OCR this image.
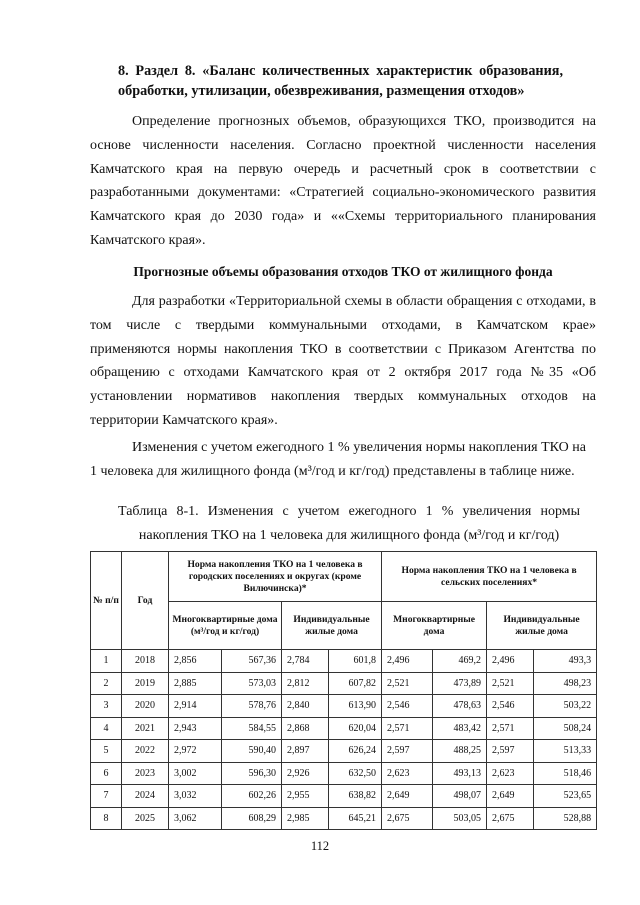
8. Раздел 8. «Баланс количественных характеристик образования, обработки, утилизации, обезвреживания, размещения отходов»

Определение прогнозных объемов, образующихся ТКО, производится на
основе численности населения. Согласно проектной численности населения
Камчатского края на первую очередь и расчетный срок в соответствии с
разработанными документами: «Стратегией социально-экономического развития
Камчатского края до 2030 года» и ««Схемы территориального планирования
Камчатского края».

Прогнозные объемы образования отходов ТКО от жилищного фонда

Для разработки «Территориальной схемы в области обращения с отходами, в
том числе с твердыми коммунальными отходами, в Камчатском крае»
применяются нормы накопления ТКО в соответствии с Приказом Агентства по
обращению с отходами Камчатского края от 2 октября 2017 года №35 «Об
установлении нормативов накопления твердых коммунальных отходов на
территории Камчатского края».

Изменения с учетом ежегодного 1 % увеличения нормы накопления ТКО на
1 человека для жилищного фонда (м³/год и кг/год) представлены в таблице ниже.

Таблица 8-1. Изменения с учетом ежегодного 1 % увеличения нормы
накопления ТКО на 1 человека для жилищного фонда (м³/год и кг/год)
№ п/п	Год	Норма накопления ТКО на 1 человека в городских поселениях и округах (кроме Вилючинска)*				Норма накопления ТКО на 1 человека в сельских поселениях*			
		Многоквартирные дома (м³/год и кг/год)		Индивидуальные жилые дома		Многоквартирные дома		Индивидуальные жилые дома	
1	2018	2,856	567,36	2,784	601,8	2,496	469,2	2,496	493,3
2	2019	2,885	573,03	2,812	607,82	2,521	473,89	2,521	498,23
3	2020	2,914	578,76	2,840	613,90	2,546	478,63	2,546	503,22
4	2021	2,943	584,55	2,868	620,04	2,571	483,42	2,571	508,24
5	2022	2,972	590,40	2,897	626,24	2,597	488,25	2,597	513,33
6	2023	3,002	596,30	2,926	632,50	2,623	493,13	2,623	518,46
7	2024	3,032	602,26	2,955	638,82	2,649	498,07	2,649	523,65
8	2025	3,062	608,29	2,985	645,21	2,675	503,05	2,675	528,88
112
